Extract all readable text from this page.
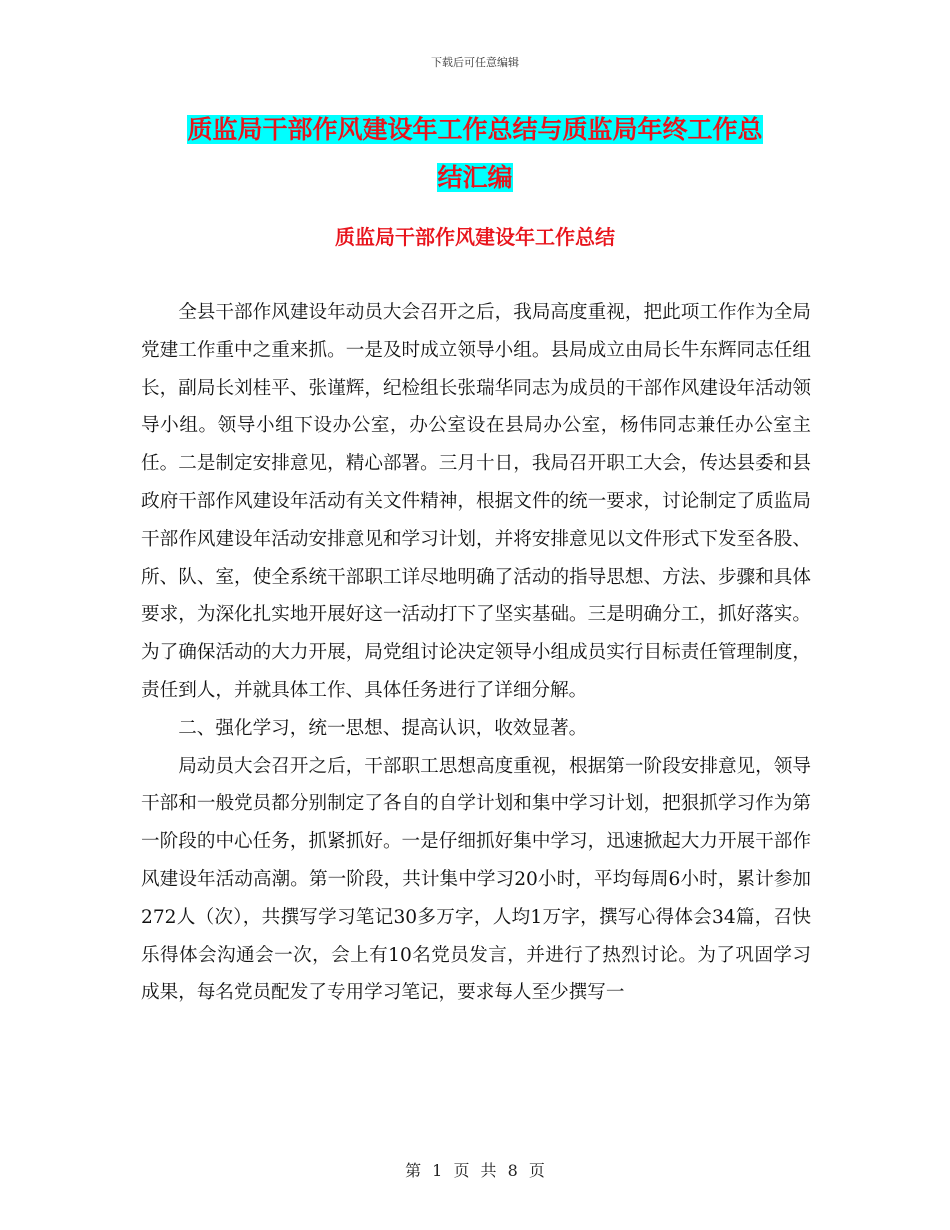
下载后可任意编辑
质监局干部作风建设年工作总结与质监局年终工作总
结汇编
质监局干部作风建设年工作总结

全县干部作风建设年动员大会召开之后，我局高度重视，把此项工作作为全局党建工作重中之重来抓。一是及时成立领导小组。县局成立由局长牛东辉同志任组长，副局长刘桂平、张谨辉，纪检组长张瑞华同志为成员的干部作风建设年活动领导小组。领导小组下设办公室，办公室设在县局办公室，杨伟同志兼任办公室主任。二是制定安排意见，精心部署。三月十日，我局召开职工大会，传达县委和县政府干部作风建设年活动有关文件精神，根据文件的统一要求，讨论制定了质监局干部作风建设年活动安排意见和学习计划，并将安排意见以文件形式下发至各股、所、队、室，使全系统干部职工详尽地明确了活动的指导思想、方法、步骤和具体要求，为深化扎实地开展好这一活动打下了坚实基础。三是明确分工，抓好落实。为了确保活动的大力开展，局党组讨论决定领导小组成员实行目标责任管理制度，责任到人，并就具体工作、具体任务进行了详细分解。

二、强化学习，统一思想、提高认识，收效显著。

局动员大会召开之后，干部职工思想高度重视，根据第一阶段安排意见，领导干部和一般党员都分别制定了各自的自学计划和集中学习计划，把狠抓学习作为第一阶段的中心任务，抓紧抓好。一是仔细抓好集中学习，迅速掀起大力开展干部作风建设年活动高潮。第一阶段，共计集中学习20小时，平均每周6小时，累计参加272人（次），共撰写学习笔记30多万字，人均1万字，撰写心得体会34篇，召快乐得体会沟通会一次，会上有10名党员发言，并进行了热烈讨论。为了巩固学习成果，每名党员配发了专用学习笔记，要求每人至少撰写一

第 1 页 共 8 页
